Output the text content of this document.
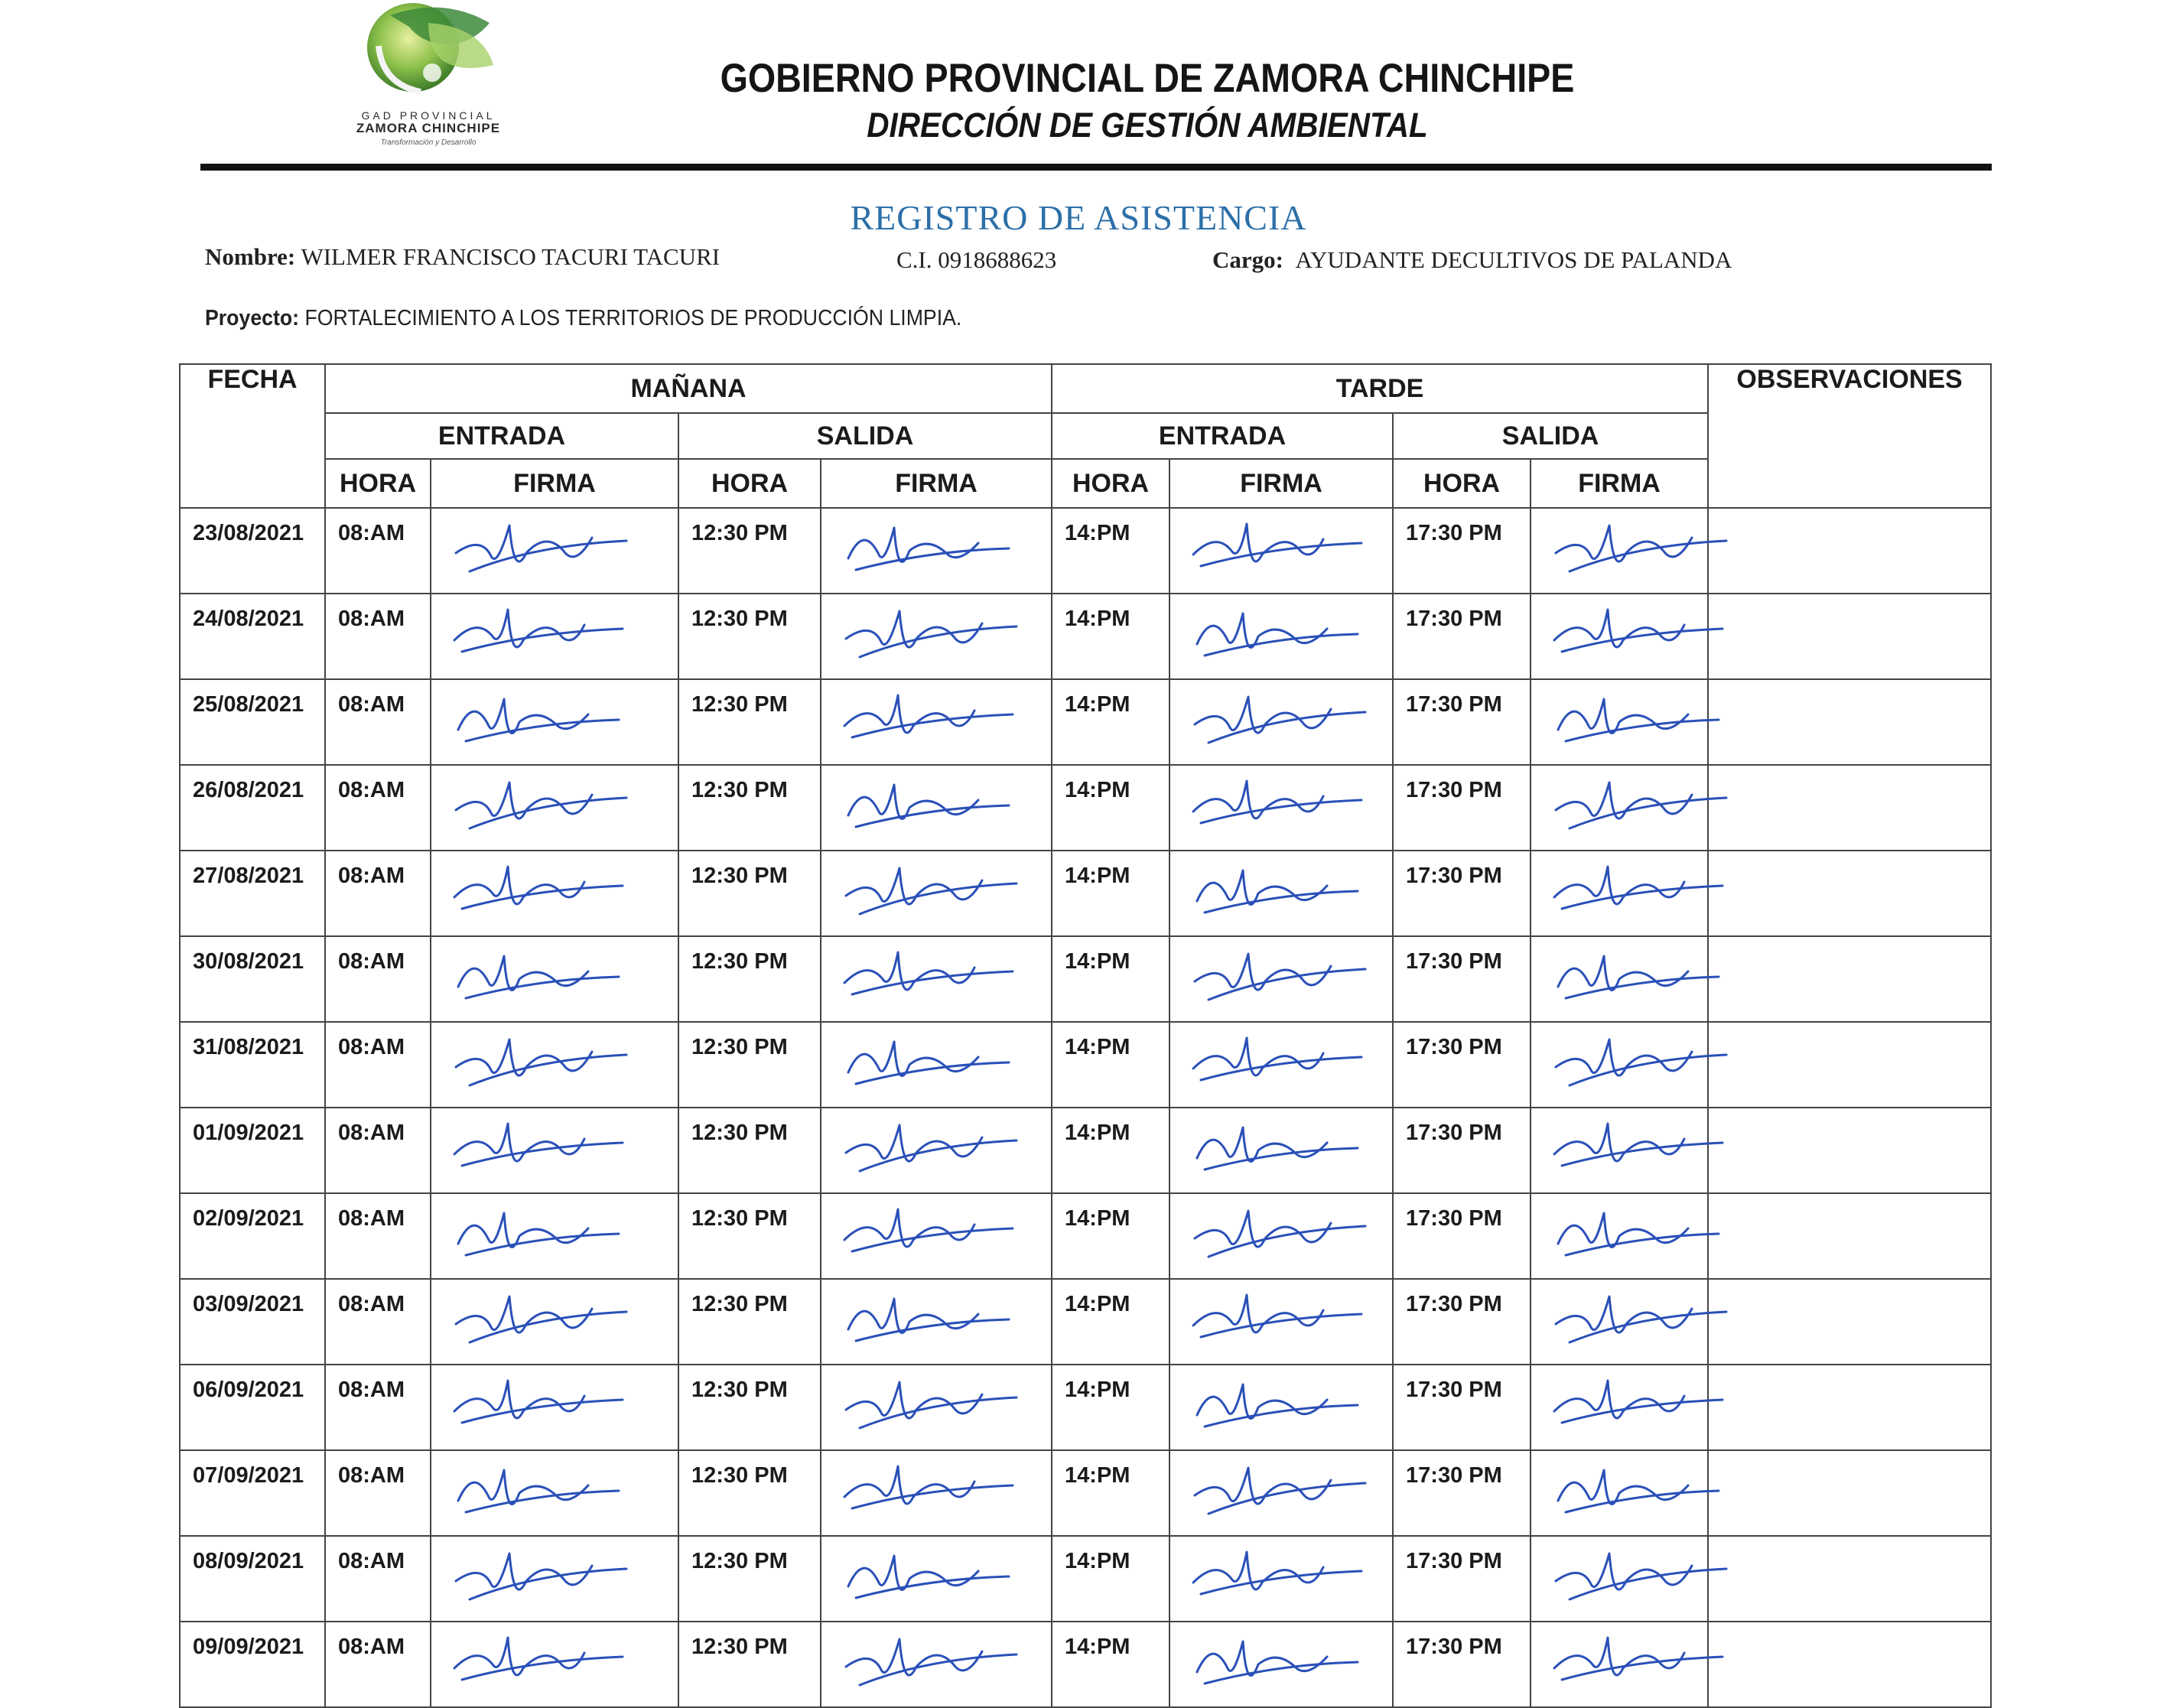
GAD PROVINCIAL
ZAMORA CHINCHIPE
Transformación y Desarrollo
GOBIERNO PROVINCIAL DE ZAMORA CHINCHIPE
DIRECCIÓN DE GESTIÓN AMBIENTAL
REGISTRO DE ASISTENCIA
Nombre: WILMER FRANCISCO TACURI TACURI	C.I. 0918688623	Cargo: AYUDANTE DECULTIVOS DE PALANDA
Proyecto: FORTALECIMIENTO A LOS TERRITORIOS DE PRODUCCIÓN LIMPIA.
FECHA	MAÑANA				TARDE				OBSERVACIONES
	ENTRADA		SALIDA		ENTRADA		SALIDA		
	HORA	FIRMA	HORA	FIRMA	HORA	FIRMA	HORA	FIRMA	
23/08/2021	08:AM		12:30 PM		14:PM		17:30 PM	

24/08/2021	08:AM		12:30 PM		14:PM		17:30 PM	

25/08/2021	08:AM		12:30 PM		14:PM		17:30 PM	

26/08/2021	08:AM		12:30 PM		14:PM		17:30 PM	

27/08/2021	08:AM		12:30 PM		14:PM		17:30 PM	

30/08/2021	08:AM		12:30 PM		14:PM		17:30 PM	

31/08/2021	08:AM		12:30 PM		14:PM		17:30 PM	

01/09/2021	08:AM		12:30 PM		14:PM		17:30 PM	

02/09/2021	08:AM		12:30 PM		14:PM		17:30 PM	

03/09/2021	08:AM		12:30 PM		14:PM		17:30 PM	

06/09/2021	08:AM		12:30 PM		14:PM		17:30 PM	

07/09/2021	08:AM		12:30 PM		14:PM		17:30 PM	

08/09/2021	08:AM		12:30 PM		14:PM		17:30 PM	

09/09/2021	08:AM		12:30 PM		14:PM		17:30 PM	
